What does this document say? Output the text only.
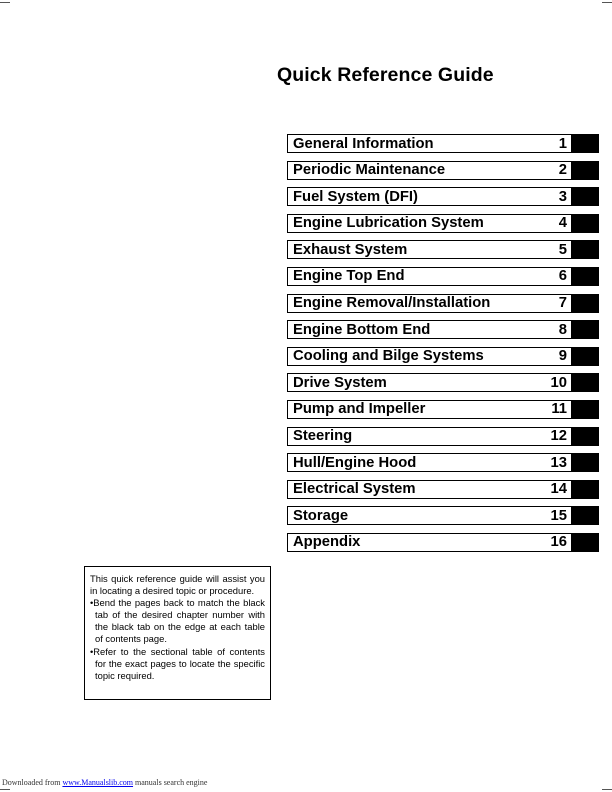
Quick Reference Guide
General Information	1
Periodic Maintenance	2
Fuel System (DFI)	3
Engine Lubrication System	4
Exhaust System	5
Engine Top End	6
Engine Removal/Installation	7
Engine Bottom End	8
Cooling and Bilge Systems	9
Drive System	10
Pump and Impeller	11
Steering	12
Hull/Engine Hood	13
Electrical System	14
Storage	15
Appendix	16

This quick reference guide will assist you in locating a desired topic or procedure.

•Bend the pages back to match the black tab of the desired chapter number with the black tab on the edge at each table of contents page.
•Refer to the sectional table of contents for the exact pages to locate the specific topic required.
Downloaded from www.Manualslib.com manuals search engine
